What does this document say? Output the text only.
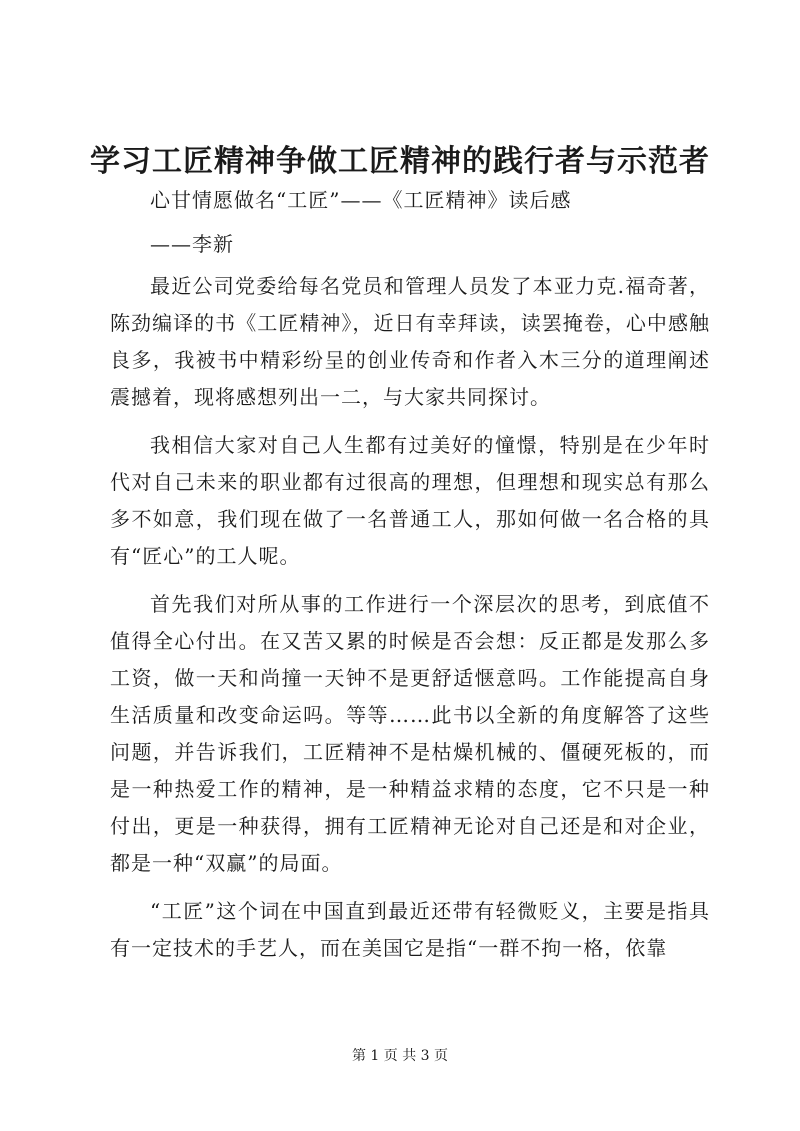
学习工匠精神争做工匠精神的践行者与示范者
心甘情愿做名“工匠”——《工匠精神》读后感
——李新

最近公司党委给每名党员和管理人员发了本亚力克.福奇著，陈劲编译的书《工匠精神》，近日有幸拜读，读罢掩卷，心中感触良多，我被书中精彩纷呈的创业传奇和作者入木三分的道理阐述震撼着，现将感想列出一二，与大家共同探讨。

我相信大家对自己人生都有过美好的憧憬，特别是在少年时代对自己未来的职业都有过很高的理想，但理想和现实总有那么多不如意，我们现在做了一名普通工人，那如何做一名合格的具有“匠心”的工人呢。

首先我们对所从事的工作进行一个深层次的思考，到底值不值得全心付出。在又苦又累的时候是否会想：反正都是发那么多工资，做一天和尚撞一天钟不是更舒适惬意吗。工作能提高自身生活质量和改变命运吗。等等……此书以全新的角度解答了这些问题，并告诉我们，工匠精神不是枯燥机械的、僵硬死板的，而是一种热爱工作的精神，是一种精益求精的态度，它不只是一种付出，更是一种获得，拥有工匠精神无论对自己还是和对企业，都是一种“双赢”的局面。

“工匠”这个词在中国直到最近还带有轻微贬义，主要是指具有一定技术的手艺人，而在美国它是指“一群不拘一格，依靠

第 1 页 共 3 页
